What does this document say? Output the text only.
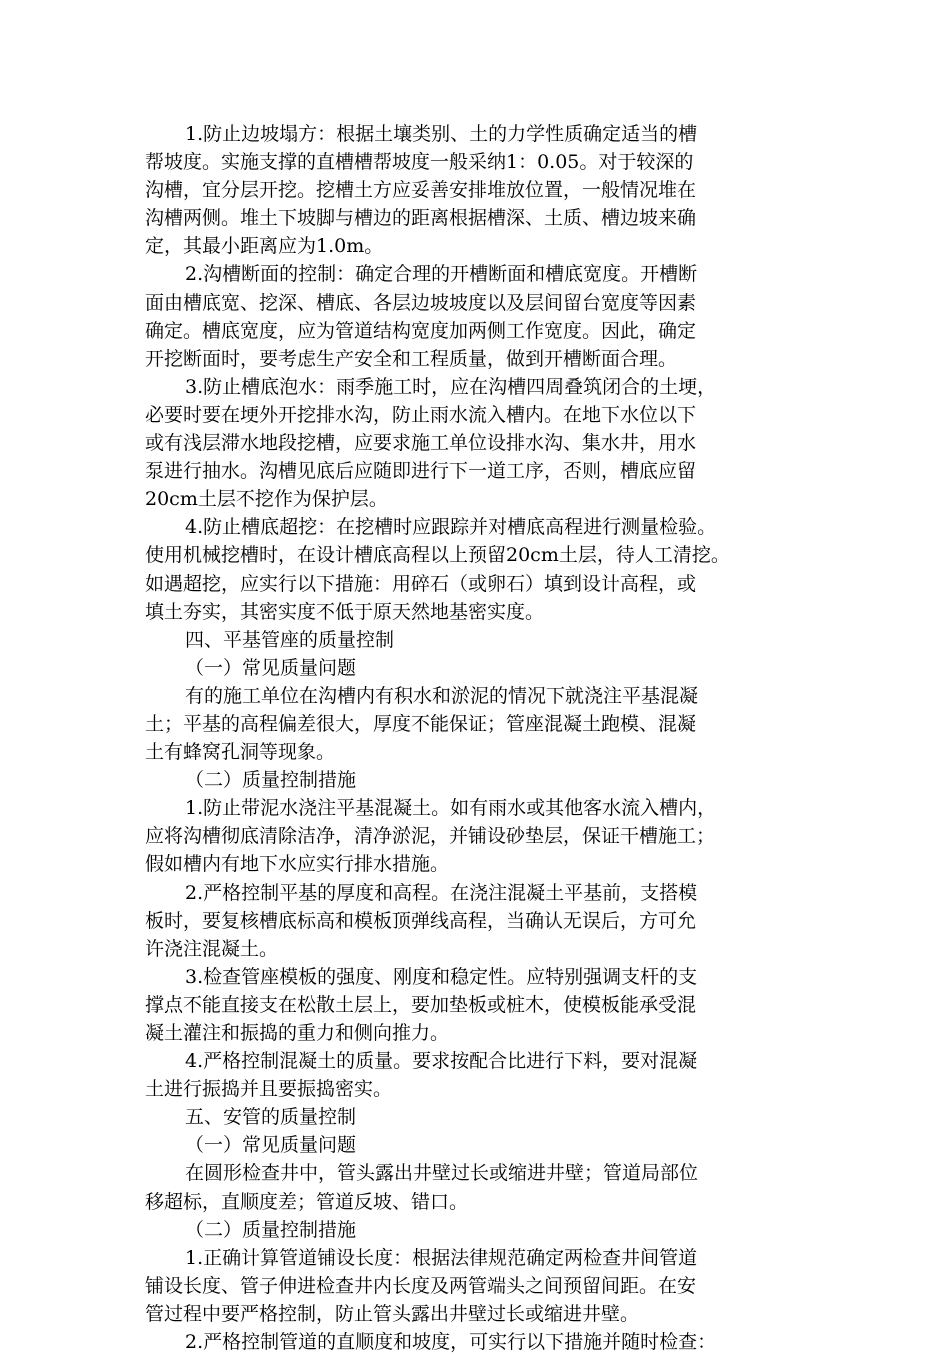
1.防止边坡塌方：根据土壤类别、土的力学性质确定适当的槽
帮坡度。实施支撑的直槽槽帮坡度一般采纳1：0.05。对于较深的
沟槽，宜分层开挖。挖槽土方应妥善安排堆放位置，一般情况堆在
沟槽两侧。堆土下坡脚与槽边的距离根据槽深、土质、槽边坡来确
定，其最小距离应为1.0m。
2.沟槽断面的控制：确定合理的开槽断面和槽底宽度。开槽断
面由槽底宽、挖深、槽底、各层边坡坡度以及层间留台宽度等因素
确定。槽底宽度，应为管道结构宽度加两侧工作宽度。因此，确定
开挖断面时，要考虑生产安全和工程质量，做到开槽断面合理。
3.防止槽底泡水：雨季施工时，应在沟槽四周叠筑闭合的土埂，
必要时要在埂外开挖排水沟，防止雨水流入槽内。在地下水位以下
或有浅层滞水地段挖槽，应要求施工单位设排水沟、集水井，用水
泵进行抽水。沟槽见底后应随即进行下一道工序，否则，槽底应留
20cm土层不挖作为保护层。
4.防止槽底超挖：在挖槽时应跟踪并对槽底高程进行测量检验。
使用机械挖槽时，在设计槽底高程以上预留20cm土层，待人工清挖。
如遇超挖，应实行以下措施：用碎石（或卵石）填到设计高程，或
填土夯实，其密实度不低于原天然地基密实度。
四、平基管座的质量控制
（一）常见质量问题
有的施工单位在沟槽内有积水和淤泥的情况下就浇注平基混凝
土；平基的高程偏差很大，厚度不能保证；管座混凝土跑模、混凝
土有蜂窝孔洞等现象。
（二）质量控制措施
1.防止带泥水浇注平基混凝土。如有雨水或其他客水流入槽内，
应将沟槽彻底清除洁净，清净淤泥，并铺设砂垫层，保证干槽施工；
假如槽内有地下水应实行排水措施。
2.严格控制平基的厚度和高程。在浇注混凝土平基前，支搭模
板时，要复核槽底标高和模板顶弹线高程，当确认无误后，方可允
许浇注混凝土。
3.检查管座模板的强度、刚度和稳定性。应特别强调支杆的支
撑点不能直接支在松散土层上，要加垫板或桩木，使模板能承受混
凝土灌注和振捣的重力和侧向推力。
4.严格控制混凝土的质量。要求按配合比进行下料，要对混凝
土进行振捣并且要振捣密实。
五、安管的质量控制
（一）常见质量问题
在圆形检查井中，管头露出井壁过长或缩进井壁；管道局部位
移超标，直顺度差；管道反坡、错口。
（二）质量控制措施
1.正确计算管道铺设长度：根据法律规范确定两检查井间管道
铺设长度、管子伸进检查井内长度及两管端头之间预留间距。在安
管过程中要严格控制，防止管头露出井壁过长或缩进井壁。
2.严格控制管道的直顺度和坡度，可实行以下措施并随时检查：
